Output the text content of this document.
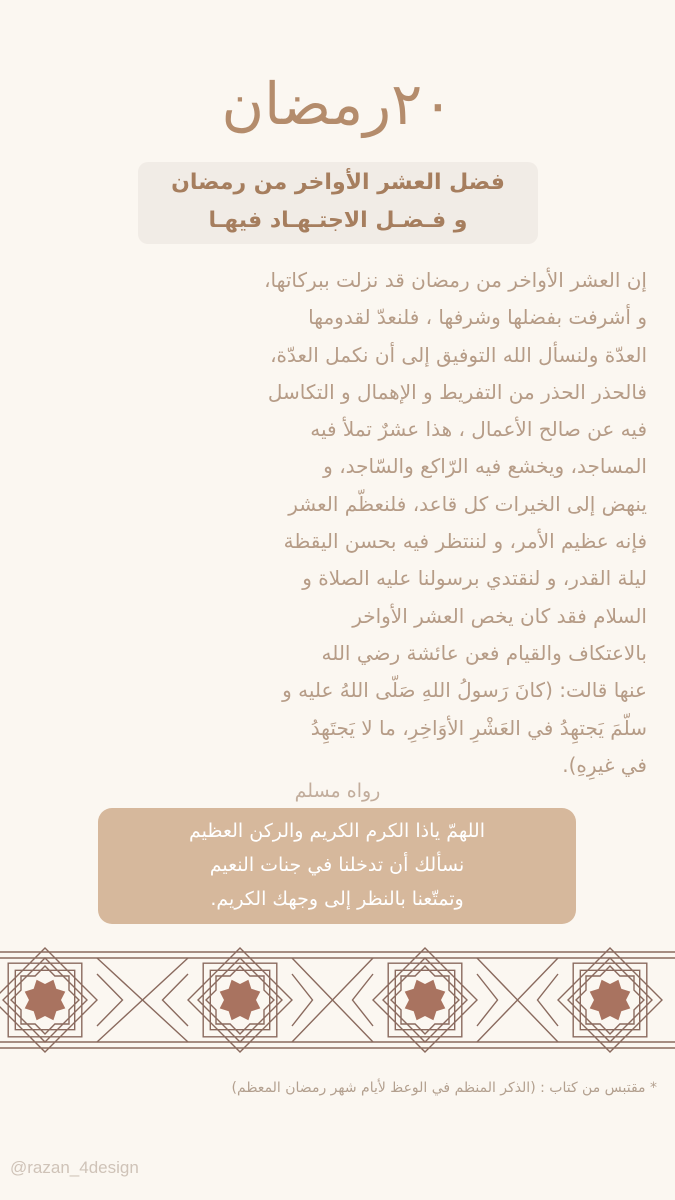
٢٠رمضان
فضل العشر الأواخر من رمضان
و فـضـل الاجتـهـاد فيهـا
إن العشر الأواخر من رمضان قد نزلت ببركاتها،
و أشرفت بفضلها وشرفها ، فلنعدّ لقدومها
العدّة ولنسأل الله التوفيق إلى أن نكمل العدّة،
فالحذر الحذر من التفريط و الإهمال و التكاسل
فيه عن صالح الأعمال ، هذا عشرٌ تملأ فيه
المساجد، ويخشع فيه الرّاكع والسّاجد، و
ينهض إلى الخيرات كل قاعد، فلنعظّم العشر
فإنه عظيم الأمر، و لننتظر فيه بحسن اليقظة
ليلة القدر، و لنقتدي برسولنا عليه الصلاة و
السلام فقد كان يخص العشر الأواخر
بالاعتكاف والقيام فعن عائشة رضي الله
عنها قالت: (كانَ رَسولُ اللهِ صَلّى اللهُ عليه و
سلّمَ يَجتهِدُ في العَشْرِ الأوَاخِرِ، ما لا يَجتَهِدُ
في غيرِهِ).
رواه مسلم
اللهمّ ياذا الكرم الكريم والركن العظيم
نسألك أن تدخلنا في جنات النعيم
وتمتّعنا بالنظر إلى وجهك الكريم.
* مقتبس من كتاب : (الذكر المنظم في الوعظ لأيام شهر رمضان المعظم)
@razan_4design
